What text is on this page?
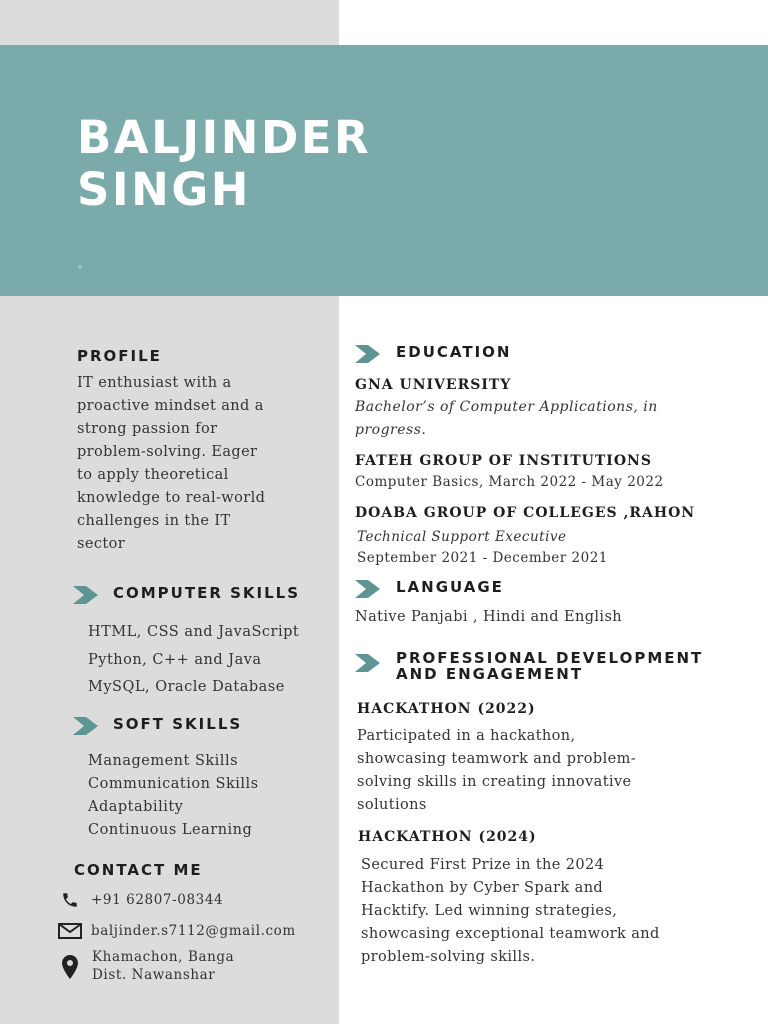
BALJINDER
SINGH
PROFILE
IT enthusiast with a
proactive mindset and a
strong passion for
problem-solving. Eager
to apply theoretical
knowledge to real-world
challenges in the IT
sector
COMPUTER SKILLS
HTML, CSS and JavaScript
Python, C++ and Java
MySQL, Oracle Database
SOFT SKILLS
Management Skills
Communication Skills
Adaptability
Continuous Learning
CONTACT ME
+91 62807-08344
baljinder.s7112@gmail.com
Khamachon, Banga
Dist. Nawanshar
EDUCATION
GNA UNIVERSITY
Bachelor’s of Computer Applications, in
progress.
FATEH GROUP OF INSTITUTIONS
Computer Basics, March 2022 - May 2022
DOABA GROUP OF COLLEGES ,RAHON
Technical Support Executive
September 2021 - December 2021
LANGUAGE

Native Panjabi , Hindi and English

PROFESSIONAL DEVELOPMENT
AND ENGAGEMENT
HACKATHON (2022)
Participated in a hackathon,
showcasing teamwork and problem-
solving skills in creating innovative
solutions
HACKATHON (2024)
Secured First Prize in the 2024
Hackathon by Cyber Spark and
Hacktify. Led winning strategies,
showcasing exceptional teamwork and
problem-solving skills.
